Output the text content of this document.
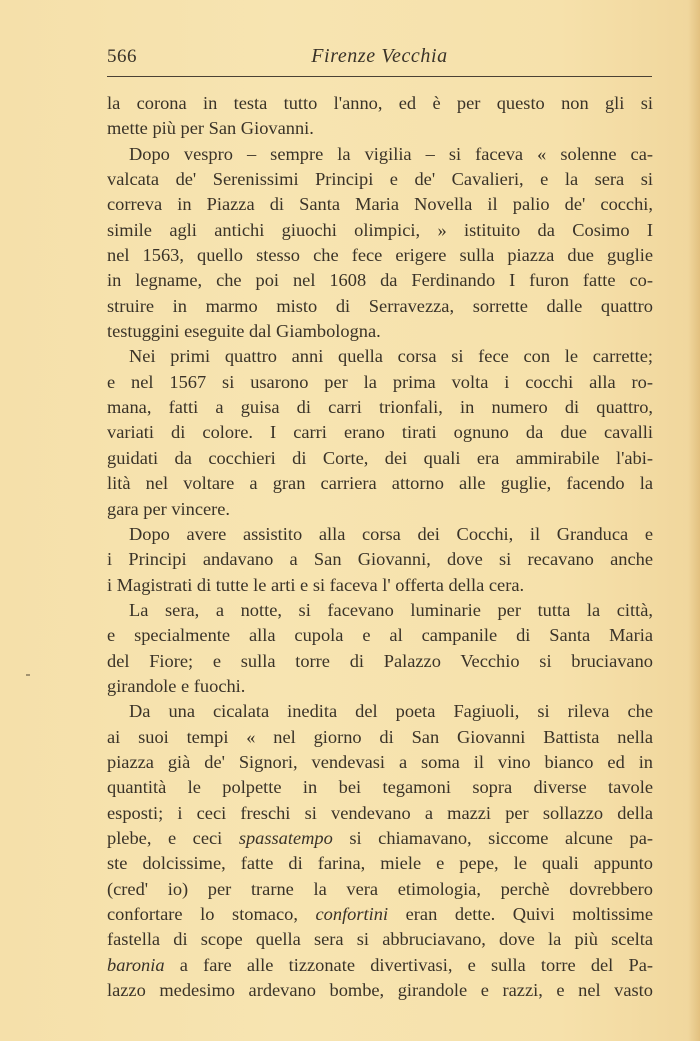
566	Firenze Vecchia
la corona in testa tutto l'anno, ed è per questo non gli si
mette più per San Giovanni.
Dopo vespro – sempre la vigilia – si faceva « solenne ca-
valcata de' Serenissimi Principi e de' Cavalieri, e la sera si
correva in Piazza di Santa Maria Novella il palio de' cocchi,
simile agli antichi giuochi olimpici, » istituito da Cosimo I
nel 1563, quello stesso che fece erigere sulla piazza due guglie
in legname, che poi nel 1608 da Ferdinando I furon fatte co-
struire in marmo misto di Serravezza, sorrette dalle quattro
testuggini eseguite dal Giambologna.
Nei primi quattro anni quella corsa si fece con le carrette;
e nel 1567 si usarono per la prima volta i cocchi alla ro-
mana, fatti a guisa di carri trionfali, in numero di quattro,
variati di colore. I carri erano tirati ognuno da due cavalli
guidati da cocchieri di Corte, dei quali era ammirabile l'abi-
lità nel voltare a gran carriera attorno alle guglie, facendo la
gara per vincere.
Dopo avere assistito alla corsa dei Cocchi, il Granduca e
i Principi andavano a San Giovanni, dove si recavano anche
i Magistrati di tutte le arti e si faceva l' offerta della cera.
La sera, a notte, si facevano luminarie per tutta la città,
e specialmente alla cupola e al campanile di Santa Maria
del Fiore; e sulla torre di Palazzo Vecchio si bruciavano
girandole e fuochi.
Da una cicalata inedita del poeta Fagiuoli, si rileva che
ai suoi tempi « nel giorno di San Giovanni Battista nella
piazza già de' Signori, vendevasi a soma il vino bianco ed in
quantità le polpette in bei tegamoni sopra diverse tavole
esposti; i ceci freschi si vendevano a mazzi per sollazzo della
plebe, e ceci spassatempo si chiamavano, siccome alcune pa-
ste dolcissime, fatte di farina, miele e pepe, le quali appunto
(cred' io) per trarne la vera etimologia, perchè dovrebbero
confortare lo stomaco, confortini eran dette. Quivi moltissime
fastella di scope quella sera si abbruciavano, dove la più scelta
baronia a fare alle tizzonate divertivasi, e sulla torre del Pa-
lazzo medesimo ardevano bombe, girandole e razzi, e nel vasto
